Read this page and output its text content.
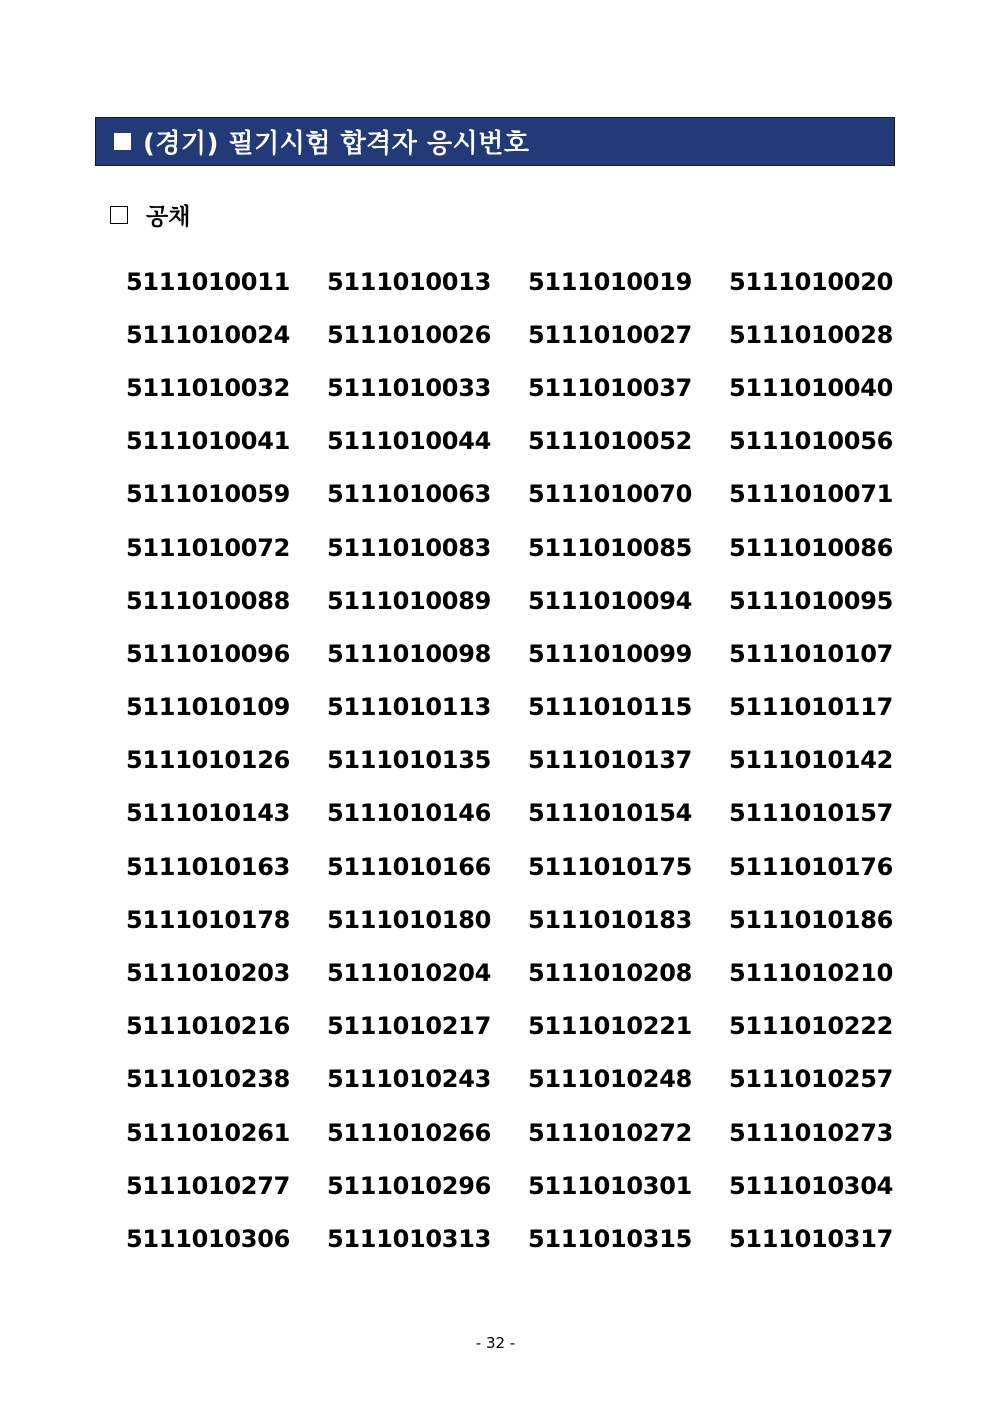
(경기) 필기시험 합격자 응시번호
공채
5111010011	5111010013	5111010019	5111010020
5111010024	5111010026	5111010027	5111010028
5111010032	5111010033	5111010037	5111010040
5111010041	5111010044	5111010052	5111010056
5111010059	5111010063	5111010070	5111010071
5111010072	5111010083	5111010085	5111010086
5111010088	5111010089	5111010094	5111010095
5111010096	5111010098	5111010099	5111010107
5111010109	5111010113	5111010115	5111010117
5111010126	5111010135	5111010137	5111010142
5111010143	5111010146	5111010154	5111010157
5111010163	5111010166	5111010175	5111010176
5111010178	5111010180	5111010183	5111010186
5111010203	5111010204	5111010208	5111010210
5111010216	5111010217	5111010221	5111010222
5111010238	5111010243	5111010248	5111010257
5111010261	5111010266	5111010272	5111010273
5111010277	5111010296	5111010301	5111010304
5111010306	5111010313	5111010315	5111010317
- 32 -
